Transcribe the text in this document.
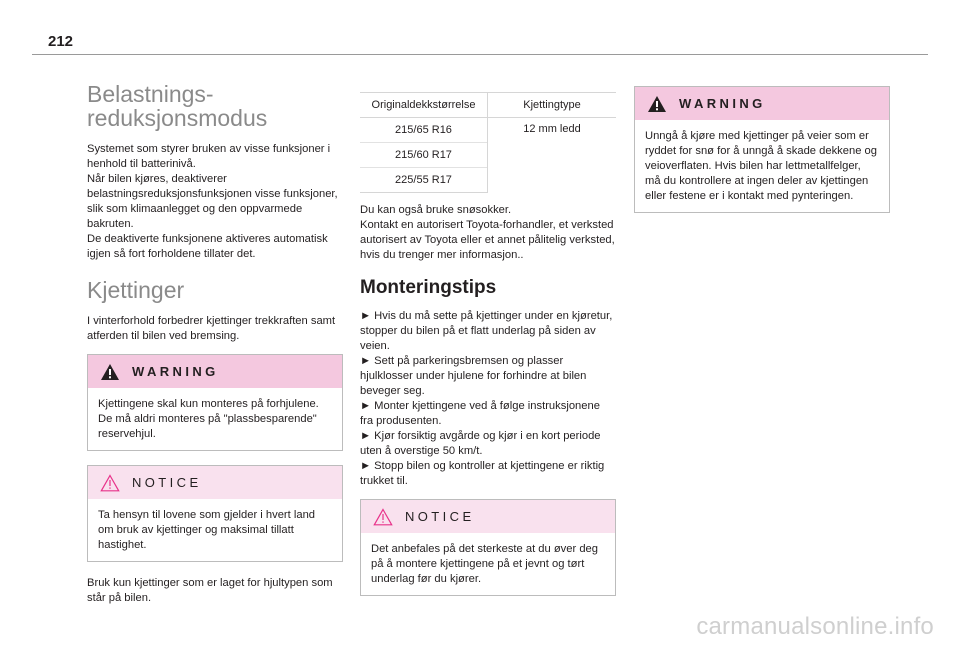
212
Belastnings-
reduksjonsmodus

Systemet som styrer bruken av visse funksjoner i henhold til batterinivå.
Når bilen kjøres, deaktiverer belastningsreduksjonsfunksjonen visse funksjoner, slik som klimaanlegget og den oppvarmede bakruten.
De deaktiverte funksjonene aktiveres automatisk igjen så fort forholdene tillater det.

Kjettinger

I vinterforhold forbedrer kjettinger trekkraften samt atferden til bilen ved bremsing.

WARNING
Kjettingene skal kun monteres på forhjulene. De må aldri monteres på "plassbesparende" reservehjul.
NOTICE
Ta hensyn til lovene som gjelder i hvert land om bruk av kjettinger og maksimal tillatt hastighet.

Bruk kun kjettinger som er laget for hjultypen som står på bilen.

Originaldekkstørrelse	Kjettingtype
215/65 R16	12 mm ledd
215/60 R17	
225/55 R17	

Du kan også bruke snøsokker.
Kontakt en autorisert Toyota-forhandler, et verksted autorisert av Toyota eller et annet pålitelig verksted, hvis du trenger mer informasjon..

Monteringstips

► Hvis du må sette på kjettinger under en kjøretur, stopper du bilen på et flatt underlag på siden av veien.

► Sett på parkeringsbremsen og plasser hjulklosser under hjulene for forhindre at bilen beveger seg.

► Monter kjettingene ved å følge instruksjonene fra produsenten.

► Kjør forsiktig avgårde og kjør i en kort periode uten å overstige 50 km/t.

► Stopp bilen og kontroller at kjettingene er riktig trukket til.

NOTICE
Det anbefales på det sterkeste at du øver deg på å montere kjettingene på et jevnt og tørt underlag før du kjører.
WARNING
Unngå å kjøre med kjettinger på veier som er ryddet for snø for å unngå å skade dekkene og veioverflaten. Hvis bilen har lettmetallfelger, må du kontrollere at ingen deler av kjettingen eller festene er i kontakt med pynteringen.
carmanualsonline.info
